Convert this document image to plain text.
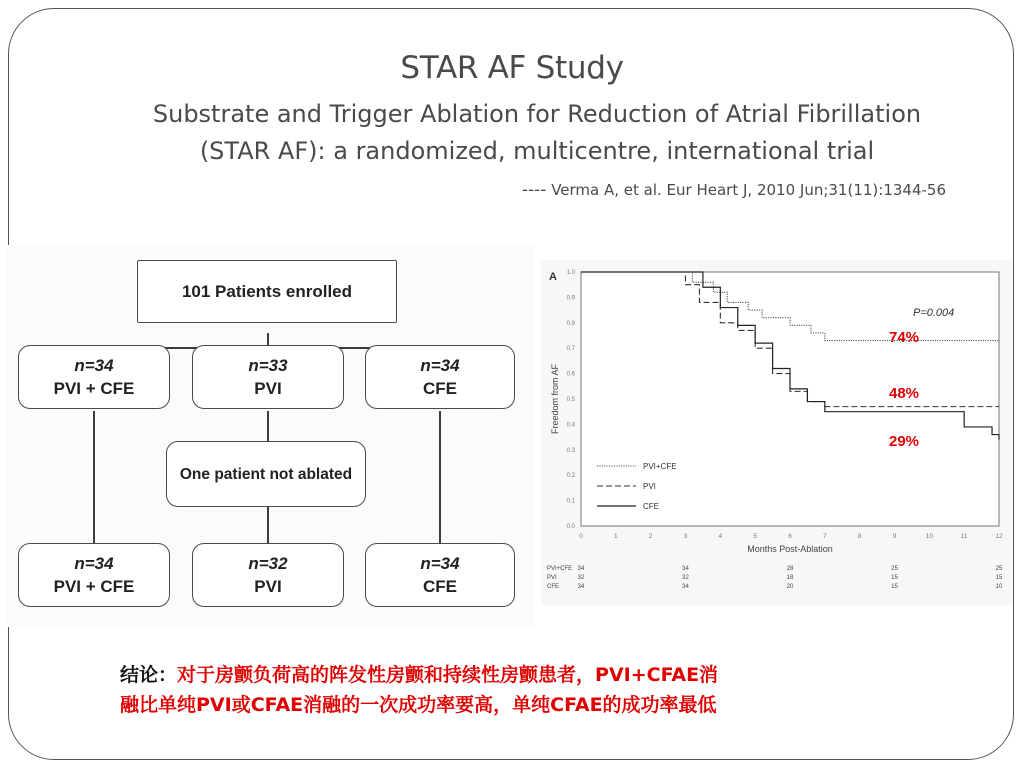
STAR AF Study
Substrate and Trigger Ablation for Reduction of Atrial Fibrillation
(STAR AF): a randomized, multicentre, international trial
---- Verma A, et al. Eur Heart J, 2010 Jun;31(11):1344-56
101 Patients enrolled
n=34
PVI + CFE
n=33
PVI
n=34
CFE
One patient not ablated
n=34
PVI + CFE
n=32
PVI
n=34
CFE
A 1.0
0.9
0.8
0.7
0.6
0.5
0.4
0.3
0.2
0.1
0.0
0	1	2	3	4	5	6	7	8	9	10	11	12
Freedom from AF
Months Post-Ablation
P=0.004
74%
48%
29%
PVI+CFE
PVI
CFE
PVI+CFE 34	34	28	25	25
PVI	32	32	18	15	15
CFE	34	34	20	15	10
结论：对于房颤负荷高的阵发性房颤和持续性房颤患者，PVI+CFAE消
融比单纯PVI或CFAE消融的一次成功率要高，单纯CFAE的成功率最低
